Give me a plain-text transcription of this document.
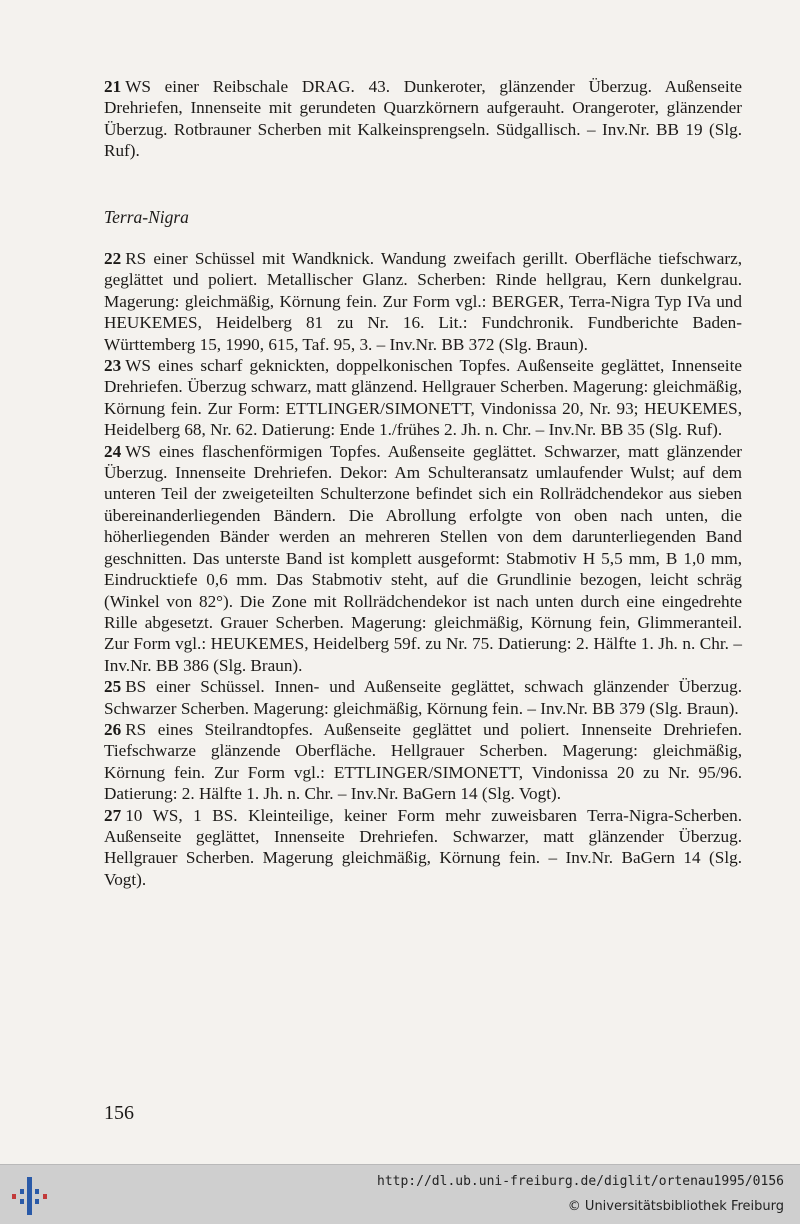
21 WS einer Reibschale DRAG. 43. Dunkeroter, glänzender Überzug. Außenseite Drehriefen, Innenseite mit gerundeten Quarzkörnern aufgerauht. Orangeroter, glänzender Überzug. Rotbrauner Scherben mit Kalkeinsprengseln. Südgallisch. – Inv.Nr. BB 19 (Slg. Ruf).

Terra-Nigra

22 RS einer Schüssel mit Wandknick. Wandung zweifach gerillt. Oberfläche tiefschwarz, geglättet und poliert. Metallischer Glanz. Scherben: Rinde hellgrau, Kern dunkelgrau. Magerung: gleichmäßig, Körnung fein. Zur Form vgl.: BERGER, Terra-Nigra Typ IVa und HEUKEMES, Heidelberg 81 zu Nr. 16. Lit.: Fundchronik. Fundberichte Baden-Württemberg 15, 1990, 615, Taf. 95, 3. – Inv.Nr. BB 372 (Slg. Braun).

23 WS eines scharf geknickten, doppelkonischen Topfes. Außenseite geglättet, Innenseite Drehriefen. Überzug schwarz, matt glänzend. Hellgrauer Scherben. Magerung: gleichmäßig, Körnung fein. Zur Form: ETTLINGER/SIMONETT, Vindonissa 20, Nr. 93; HEUKEMES, Heidelberg 68, Nr. 62. Datierung: Ende 1./frühes 2. Jh. n. Chr. – Inv.Nr. BB 35 (Slg. Ruf).

24 WS eines flaschenförmigen Topfes. Außenseite geglättet. Schwarzer, matt glänzender Überzug. Innenseite Drehriefen. Dekor: Am Schulteransatz umlaufender Wulst; auf dem unteren Teil der zweigeteilten Schulterzone befindet sich ein Rollrädchendekor aus sieben übereinanderliegenden Bändern. Die Abrollung erfolgte von oben nach unten, die höherliegenden Bänder werden an mehreren Stellen von dem darunterliegenden Band geschnitten. Das unterste Band ist komplett ausgeformt: Stabmotiv H 5,5 mm, B 1,0 mm, Eindrucktiefe 0,6 mm. Das Stabmotiv steht, auf die Grundlinie bezogen, leicht schräg (Winkel von 82°). Die Zone mit Rollrädchendekor ist nach unten durch eine eingedrehte Rille abgesetzt. Grauer Scherben. Magerung: gleichmäßig, Körnung fein, Glimmeranteil. Zur Form vgl.: HEUKEMES, Heidelberg 59f. zu Nr. 75. Datierung: 2. Hälfte 1. Jh. n. Chr. – Inv.Nr. BB 386 (Slg. Braun).

25 BS einer Schüssel. Innen- und Außenseite geglättet, schwach glänzender Überzug. Schwarzer Scherben. Magerung: gleichmäßig, Körnung fein. – Inv.Nr. BB 379 (Slg. Braun).

26 RS eines Steilrandtopfes. Außenseite geglättet und poliert. Innenseite Drehriefen. Tiefschwarze glänzende Oberfläche. Hellgrauer Scherben. Magerung: gleichmäßig, Körnung fein. Zur Form vgl.: ETTLINGER/SIMONETT, Vindonissa 20 zu Nr. 95/96. Datierung: 2. Hälfte 1. Jh. n. Chr. – Inv.Nr. BaGern 14 (Slg. Vogt).

27 10 WS, 1 BS. Kleinteilige, keiner Form mehr zuweisbaren Terra-Nigra-Scherben. Außenseite geglättet, Innenseite Drehriefen. Schwarzer, matt glänzender Überzug. Hellgrauer Scherben. Magerung gleichmäßig, Körnung fein. – Inv.Nr. BaGern 14 (Slg. Vogt).

156
http://dl.ub.uni-freiburg.de/diglit/ortenau1995/0156
© Universitätsbibliothek Freiburg
